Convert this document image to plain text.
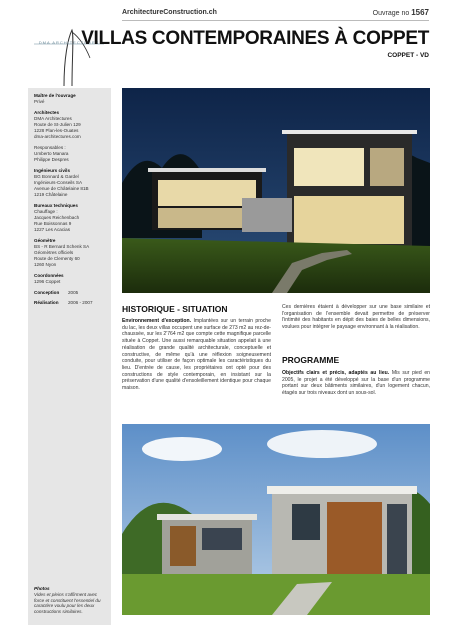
ArchitectureConstruction.ch	Ouvrage no 1567
DMA ARCHITECTURES
VILLAS CONTEMPORAINES À COPPET
COPPET - VD
Maître de l'ouvrage
Privé
Architectes
DMA Architectures
Route de St-Julien 129
1228 Plan-les-Ouates
dma-architectures.com
Responsables :
Umberto Manara
Philippe Despres
Ingénieurs civils
BG Bonnard & Gardel
Ingénieurs-Conseils SA
Avenue de Châtelaine 81B
1219 Châtelaine
Bureaux techniques
Chauffage :
Jacques Reichenbach
Rue Boissonnas 9
1227 Les Acacias
Géomètre
BS - R Bernard Schenk SA
Géomètres officiels
Route de Clementy 60
1260 Nyon
Coordonnées
1296 Coppet
Conception	2005
Réalisation	2006 - 2007
Photos
Vides et pleins s'affirment avec force et constituent l'essentiel du caractère voulu pour les deux constructions similaires.
HISTORIQUE - SITUATION
Environnement d'exception. Implantées sur un terrain proche du lac, les deux villas occupent une surface de 273 m2 au rez-de-chaussée, sur les 2'764 m2 que compte cette magnifique parcelle située à Coppet. Une aussi remarquable situation appelait à une réalisation de grande qualité architecturale, conceptuelle et constructive, de même qu'à une réflexion soigneusement conduite, pour utiliser de façon optimale les caractéristiques du lieu. D'entrée de cause, les propriétaires ont opté pour des constructions de style contemporain, en insistant sur la préservation d'une qualité d'ensoleillement identique pour chaque maison.
Ces dernières étaient à développer sur une base similaire et l'organisation de l'ensemble devait permettre de préserver l'intimité des habitants en dépit des baies de belles dimensions, voulues pour intégrer le paysage environnant à la réalisation.
PROGRAMME
Objectifs clairs et précis, adaptés au lieu. Mis sur pied en 2005, le projet a été développé sur la base d'un programme portant sur deux bâtiments similaires, d'un logement chacun, étagés sur trois niveaux dont un sous-sol.
